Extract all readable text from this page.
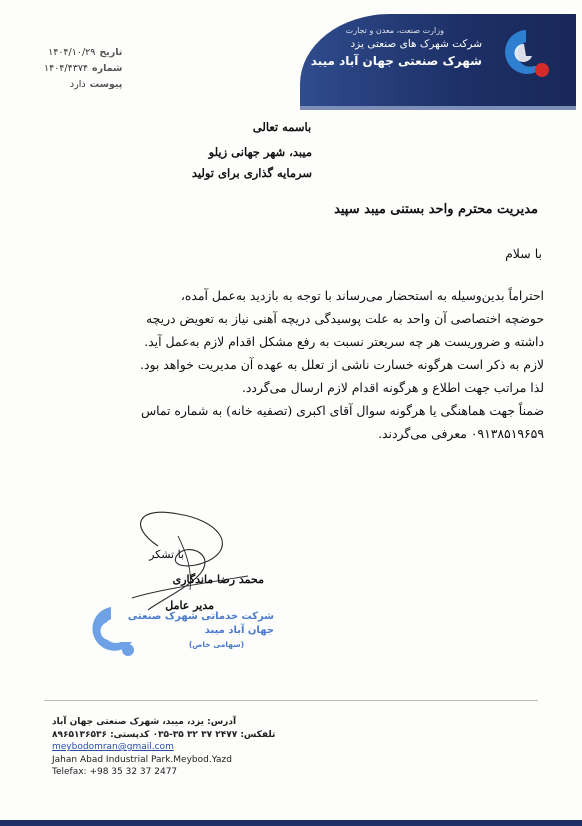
وزارت صنعت، معدن و تجارت
شرکت شهرک های صنعتی یزد
شهرک صنعتی جهان آباد میبد
تاریخ
۱۴۰۴/۱۰/۲۹
شماره
۱۴۰۴/۴۳۷۴
پیوست
دارد
باسمه تعالی
میبد، شهر جهانی زیلو
سرمایه گذاری برای تولید
مدیریت محترم واحد بستنی میبد سپید
با سلام

احتراماً بدین‌وسیله به استحضار می‌رساند با توجه به بازدید به‌عمل آمده،

حوضچه اختصاصی آن واحد به علت پوسیدگی دریچه آهنی نیاز به تعویض دریچه

داشته و ضروریست هر چه سریعتر نسبت به رفع مشکل اقدام لازم به‌عمل آید.

لازم به ذکر است هرگونه خسارت ناشی از تعلل به عهده آن مدیریت خواهد بود.

لذا مراتب جهت اطلاع و هرگونه اقدام لازم ارسال می‌گردد.

ضمناً جهت هماهنگی یا هرگونه سوال آقای اکبری (تصفیه خانه) به شماره تماس

۰۹۱۳۸۵۱۹۶۵۹ معرفی می‌گردند.

با تشکر
محمد رضا ماندگاری
مدیر عامل
شرکت خدماتی شهرک صنعتی
جهان آباد میبد
(سهامی خاص)
آدرس: یزد، میبد، شهرک صنعتی جهان آباد
تلفکس: ۲۴۷۷ ۳۷ ۳۲ ۳۵-۰۳۵ کدپستی: ۸۹۶۵۱۳۶۵۳۶
meybodomran@gmail.com
Jahan Abad Industrial Park.Meybod.Yazd
Telefax: +98 35 32 37 2477
